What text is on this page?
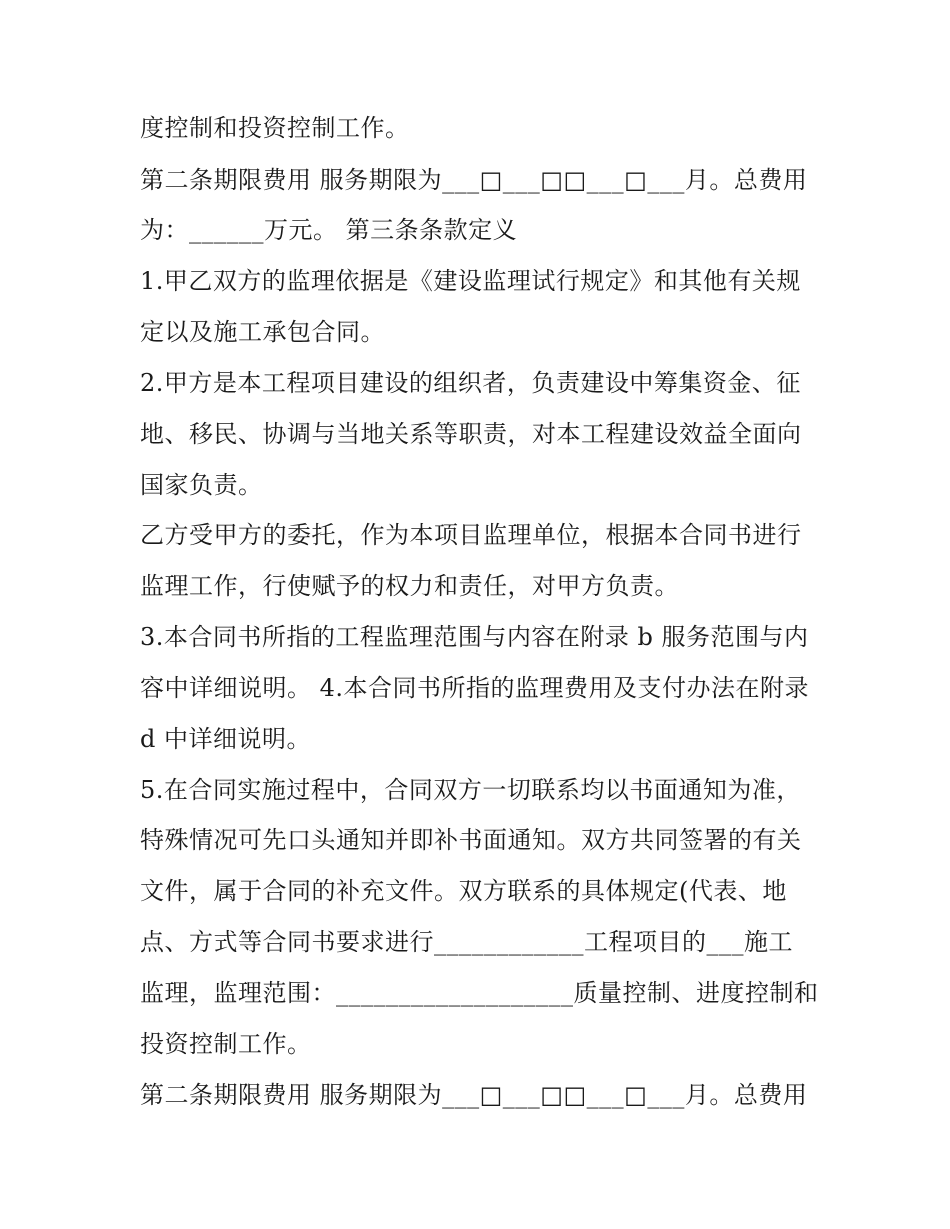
度控制和投资控制工作。
第二条期限费用 服务期限为___□___□□___□___月。总费用
为：______万元。 第三条条款定义
1.甲乙双方的监理依据是《建设监理试行规定》和其他有关规
定以及施工承包合同。
2.甲方是本工程项目建设的组织者，负责建设中筹集资金、征
地、移民、协调与当地关系等职责，对本工程建设效益全面向
国家负责。
乙方受甲方的委托，作为本项目监理单位，根据本合同书进行
监理工作，行使赋予的权力和责任，对甲方负责。
3.本合同书所指的工程监理范围与内容在附录 b 服务范围与内
容中详细说明。 4.本合同书所指的监理费用及支付办法在附录
d 中详细说明。
5.在合同实施过程中，合同双方一切联系均以书面通知为准，
特殊情况可先口头通知并即补书面通知。双方共同签署的有关
文件，属于合同的补充文件。双方联系的具体规定(代表、地
点、方式等合同书要求进行____________工程项目的___施工
监理，监理范围：___________________质量控制、进度控制和
投资控制工作。
第二条期限费用 服务期限为___□___□□___□___月。总费用
